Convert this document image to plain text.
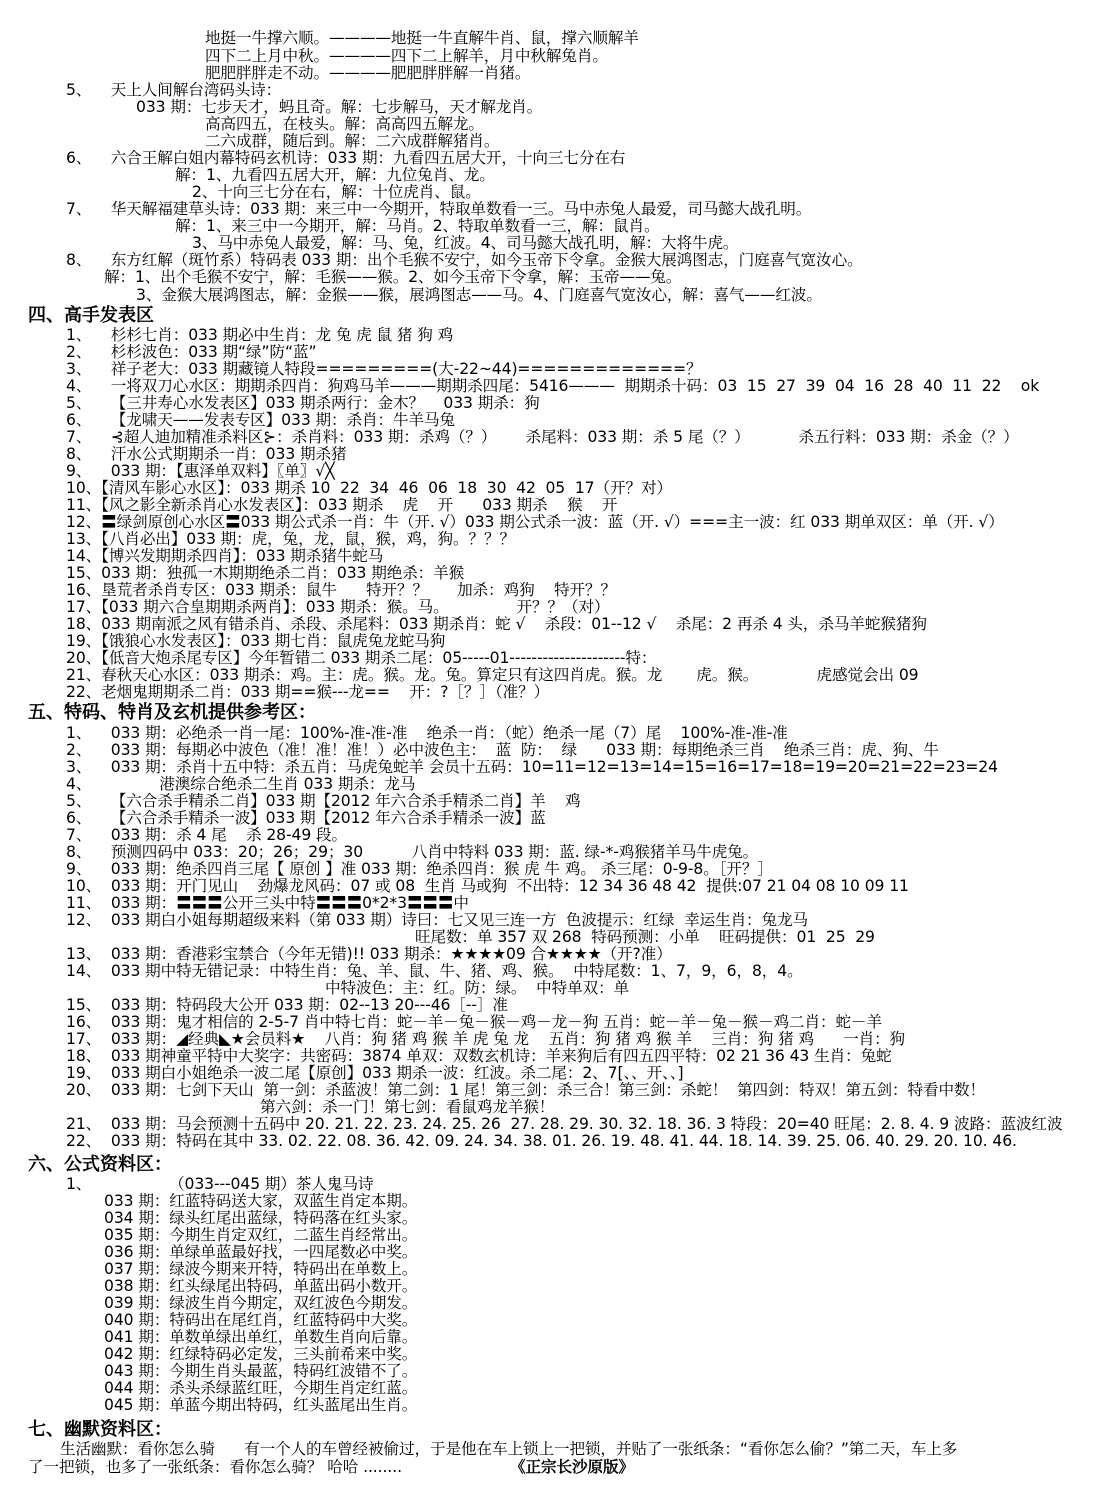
地挺一牛撑六顺。————地挺一牛直解牛肖、鼠，撑六顺解羊
四下二上月中秋。————四下二上解羊，月中秋解兔肖。
肥肥胖胖走不动。————肥肥胖胖解一肖猪。
5、    天上人间解台湾码头诗：
033 期：七步天才，蚂且奇。解：七步解马，天才解龙肖。
高高四五，在枝头。解：高高四五解龙。
二六成群，随后到。解：二六成群解猪肖。
6、    六合王解白姐内幕特码玄机诗：033 期：九看四五居大开，十向三七分在右
解：1、九看四五居大开，解：九位兔肖、龙。
2、十向三七分在右，解：十位虎肖、鼠。
7、    华天解福建草头诗：033 期：来三中一今期开，特取单数看一三。马中赤兔人最爱，司马懿大战孔明。
解：1、来三中一今期开，解：马肖。2、特取单数看一三，解：鼠肖。
3、马中赤兔人最爱，解：马、兔，红波。4、司马懿大战孔明，解：大将牛虎。
8、    东方红解（斑竹系）特码表 033 期：出个毛猴不安宁，如今玉帝下令拿。金猴大展鸿图志，门庭喜气宽汝心。
解：1、出个毛猴不安宁，解：毛猴——猴。2、如今玉帝下令拿，解：玉帝——兔。
3、金猴大展鸿图志，解：金猴——猴，展鸿图志——马。4、门庭喜气宽汝心，解：喜气——红波。
四、高手发表区
1、    杉杉七肖：033 期必中生肖：龙 兔 虎 鼠 猪 狗 鸡
2、    杉杉波色：033 期“绿”防“蓝”
3、    祥子老大：033 期藏镜人特段=========(大-22~44)=============？
4、    一将双刀心水区：期期杀四肖：狗鸡马羊———期期杀四尾：5416———  期期杀十码：03  15  27  39  04  16  28  40  11  22    ok
5、    【三井寿心水发表区】033 期杀两行：金木？    033 期杀：狗
6、    【龙啸天——发表专区】033 期：杀肖：牛羊马兔
7、    ⊰超人迪加精准杀料区⊱：杀肖料：033 期：杀鸡（？）      杀尾料：033 期：杀 5 尾（？）          杀五行料：033 期：杀金（？）
8、    汗水公式期期杀一肖：033 期杀猪
9、    033 期：【惠泽单双料】〖单〗√╳
10、【清风车影心水区】：033 期杀 10  22  34  46  06  18  30  42  05  17（开？对）
11、【风之影全新杀肖心水发表区】：033 期杀    虎    开      033 期杀    猴    开
12、〓绿剑原创心水区〓033 期公式杀一肖：牛（开. √）033 期公式杀一波：蓝（开. √）===主一波：红 033 期单双区：单（开. √）
13、【八肖必出】033 期：虎，兔，龙，鼠，猴，鸡，狗。？？？
14、【博兴发期期杀四肖】：033 期杀猪牛蛇马
15、033 期：独孤一木期期绝杀二肖：033 期绝杀：羊猴
16、垦荒者杀肖专区：033 期杀：鼠牛      特开？？      加杀：鸡狗    特开？？
17、【033 期六合皇期期杀两肖】：033 期杀：猴。马。              开？？（对）
18、033 期南派之风有错杀肖、杀段、杀尾料：033 期杀肖：蛇 √    杀段：01--12 √    杀尾：2 再杀 4 头，杀马羊蛇猴猪狗
19、【饿狼心水发表区】：033 期七肖：鼠虎兔龙蛇马狗
20、【低音大炮杀尾专区】今年暂错二 033 期杀二尾：05-----01---------------------特：
21、春秋天心水区：033 期杀：鸡。主：虎。猴。龙。兔。算定只有这四肖虎。猴。龙       虎。猴。            虎感觉会出 09
22、老烟鬼期期杀二肖：033 期==猴---龙==    开：?［？］（准？）
五、特码、特肖及玄机提供参考区：
1、    033 期：必绝杀一肖一尾：100%-准-准-准    绝杀一肖：（蛇）绝杀一尾（7）尾    100%-准-准-准
2、    033 期：每期必中波色（准！准！准！）必中波色主：  蓝  防：  绿      033 期：每期绝杀三肖    绝杀三肖：虎、狗、牛
3、    033 期：杀肖十五中特：杀五肖：马虎兔蛇羊 会员十五码：10=11=12=13=14=15=16=17=18=19=20=21=22=23=24
4、              港澳综合绝杀二生肖 033 期杀：龙马
5、    【六合杀手精杀二肖】033 期【2012 年六合杀手精杀二肖】羊    鸡
6、    【六合杀手精杀一波】033 期【2012 年六合杀手精杀一波】蓝
7、    033 期：杀 4 尾    杀 28-49 段。
8、    预测四码中 033：20；26；29；30          八肖中特料 033 期：蓝. 绿-*-鸡猴猪羊马牛虎兔。
9、    033 期：绝杀四肖三尾【 原创 】准 033 期：绝杀四肖：猴 虎 牛 鸡。 杀三尾：0-9-8。［开？］
10、  033 期：开门见山    劲爆龙风码：07 或 08  生肖 马或狗  不出特：12 34 36 48 42  提供:07 21 04 08 10 09 11
11、  033 期：〓〓〓公开三头中特〓〓〓0*2*3〓〓〓中
12、  033 期白小姐每期超级来料（第 033 期）诗曰：七又见三连一方  色波提示：红绿  幸运生肖：兔龙马
旺尾数：单 357 双 268  特码预测：小单    旺码提供：01  25  29
13、  033 期：香港彩宝禁合（今年无错)!! 033 期杀：★★★★09 合★★★★（开?准）
14、  033 期中特无错记录：中特生肖：兔、羊、鼠、牛、猪、鸡、猴。  中特尾数：1、7，9，6，8，4。
中特波色：主：红。防：绿。  中特单双：单
15、  033 期：特码段大公开 033 期：02--13 20---46［--］准
16、  033 期：鬼才相信的 2-5-7 肖中特七肖：蛇－羊－兔－猴－鸡－龙－狗 五肖：蛇－羊－兔－猴－鸡二肖：蛇－羊
17、  033 期：◢经典◣★会员料★    八肖：狗 猪 鸡 猴 羊 虎 兔 龙    五肖：狗 猪 鸡 猴 羊    三肖：狗 猪 鸡      一肖：狗
18、  033 期神童平特中大奖字：共密码：3874 单双：双数玄机诗：羊来狗后有四五四平特：02 21 36 43 生肖：兔蛇
19、  033 期白小姐绝杀一波二尾【原创】033 期杀一波：红波。杀二尾：2、7[、、开、、]
20、  033 期：七剑下天山  第一剑：杀蓝波！第二剑：1 尾！第三剑：杀三合！第三剑：杀蛇！  第四剑：特双！第五剑：特看中数！
第六剑：杀一门！第七剑：看鼠鸡龙羊猴！
21、  033 期：马会预测十五码中 20. 21. 22. 23. 24. 25. 26  27. 28. 29. 30. 32. 18. 36. 3 特段：20=40 旺尾：2. 8. 4. 9 波路：蓝波红波
22、  033 期：特码在其中 33. 02. 22. 08. 36. 42. 09. 24. 34. 38. 01. 26. 19. 48. 41. 44. 18. 14. 39. 25. 06. 40. 29. 20. 10. 46.
六、公式资料区：
1、                （033---045 期）茶人鬼马诗
033 期：红蓝特码送大家，双蓝生肖定本期。
034 期：绿头红尾出蓝绿，特码落在红头家。
035 期：今期生肖定双红，二蓝生肖经常出。
036 期：单绿单蓝最好找，一四尾数必中奖。
037 期：绿波今期来开特，特码出在单数上。
038 期：红头绿尾出特码，单蓝出码小数开。
039 期：绿波生肖今期定，双红波色今期发。
040 期：特码出在尾红肖，红蓝特码中大奖。
041 期：单数单绿出单红，单数生肖向后靠。
042 期：红绿特码必定发，三头前希来中奖。
043 期：今期生肖头最蓝，特码红波错不了。
044 期：杀头杀绿蓝红旺，今期生肖定红蓝。
045 期：单蓝今期出特码，红头蓝尾出生肖。
七、幽默资料区：
生活幽默：看你怎么骑      有一个人的车曾经被偷过，于是他在车上锁上一把锁，并贴了一张纸条：“看你怎么偷？”第二天，车上多
了一把锁，也多了一张纸条：看你怎么骑？ 哈哈 ........	《正宗长沙原版》
